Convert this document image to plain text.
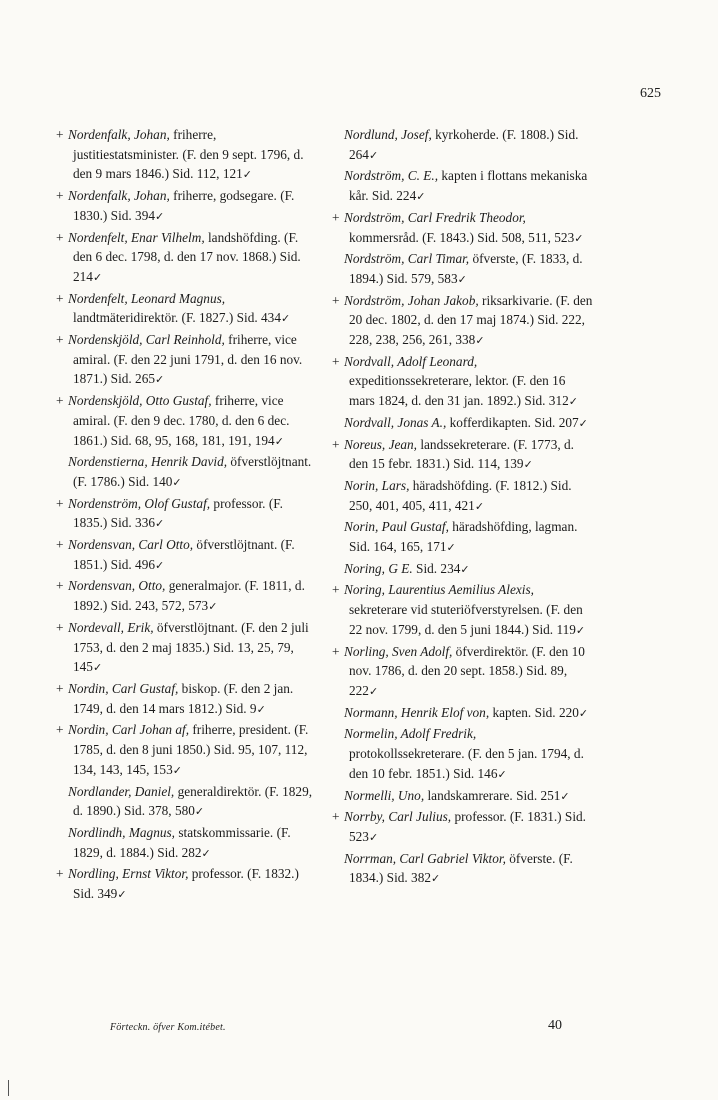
625
+ Nordenfalk, Johan, friherre, justitiestatsminister. (F. den 9 sept. 1796, d. den 9 mars 1846.) Sid. 112, 121✓
+ Nordenfalk, Johan, friherre, godsegare. (F. 1830.) Sid. 394✓
+ Nordenfelt, Enar Vilhelm, landshöfding. (F. den 6 dec. 1798, d. den 17 nov. 1868.) Sid. 214✓
+ Nordenfelt, Leonard Magnus, landtmäteridirektör. (F. 1827.) Sid. 434✓
+ Nordenskjöld, Carl Reinhold, friherre, vice amiral. (F. den 22 juni 1791, d. den 16 nov. 1871.) Sid. 265✓
+ Nordenskjöld, Otto Gustaf, friherre, vice amiral. (F. den 9 dec. 1780, d. den 6 dec. 1861.) Sid. 68, 95, 168, 181, 191, 194✓
Nordenstierna, Henrik David, öfverstlöjtnant. (F. 1786.) Sid. 140✓
+ Nordenström, Olof Gustaf, professor. (F. 1835.) Sid. 336✓
+ Nordensvan, Carl Otto, öfverstlöjtnant. (F. 1851.) Sid. 496✓
+ Nordensvan, Otto, generalmajor. (F. 1811, d. 1892.) Sid. 243, 572, 573✓
+ Nordevall, Erik, öfverstlöjtnant. (F. den 2 juli 1753, d. den 2 maj 1835.) Sid. 13, 25, 79, 145✓
+ Nordin, Carl Gustaf, biskop. (F. den 2 jan. 1749, d. den 14 mars 1812.) Sid. 9✓
+ Nordin, Carl Johan af, friherre, president. (F. 1785, d. den 8 juni 1850.) Sid. 95, 107, 112, 134, 143, 145, 153✓
Nordlander, Daniel, generaldirektör. (F. 1829, d. 1890.) Sid. 378, 580✓
Nordlindh, Magnus, statskommissarie. (F. 1829, d. 1884.) Sid. 282✓
+ Nordling, Ernst Viktor, professor. (F. 1832.) Sid. 349✓
Nordlund, Josef, kyrkoherde. (F. 1808.) Sid. 264✓
Nordström, C. E., kapten i flottans mekaniska kår. Sid. 224✓
+ Nordström, Carl Fredrik Theodor, kommersråd. (F. 1843.) Sid. 508, 511, 523✓
Nordström, Carl Timar, öfverste, (F. 1833, d. 1894.) Sid. 579, 583✓
+ Nordström, Johan Jakob, riksarkivarie. (F. den 20 dec. 1802, d. den 17 maj 1874.) Sid. 222, 228, 238, 256, 261, 338✓
+ Nordvall, Adolf Leonard, expeditionssekreterare, lektor. (F. den 16 mars 1824, d. den 31 jan. 1892.) Sid. 312✓
Nordvall, Jonas A., kofferdikapten. Sid. 207✓
+ Noreus, Jean, landssekreterare. (F. 1773, d. den 15 febr. 1831.) Sid. 114, 139✓
Norin, Lars, häradshöfding. (F. 1812.) Sid. 250, 401, 405, 411, 421✓
Norin, Paul Gustaf, häradshöfding, lagman. Sid. 164, 165, 171✓
Noring, G E. Sid. 234✓
+ Noring, Laurentius Aemilius Alexis, sekreterare vid stuteriöfverstyrelsen. (F. den 22 nov. 1799, d. den 5 juni 1844.) Sid. 119✓
+ Norling, Sven Adolf, öfverdirektör. (F. den 10 nov. 1786, d. den 20 sept. 1858.) Sid. 89, 222✓
Normann, Henrik Elof von, kapten. Sid. 220✓
Normelin, Adolf Fredrik, protokollssekreterare. (F. den 5 jan. 1794, d. den 10 febr. 1851.) Sid. 146✓
Normelli, Uno, landskamrerare. Sid. 251✓
+ Norrby, Carl Julius, professor. (F. 1831.) Sid. 523✓
Norrman, Carl Gabriel Viktor, öfverste. (F. 1834.) Sid. 382✓
Förteckn. öfver Kom.itébet.	40
